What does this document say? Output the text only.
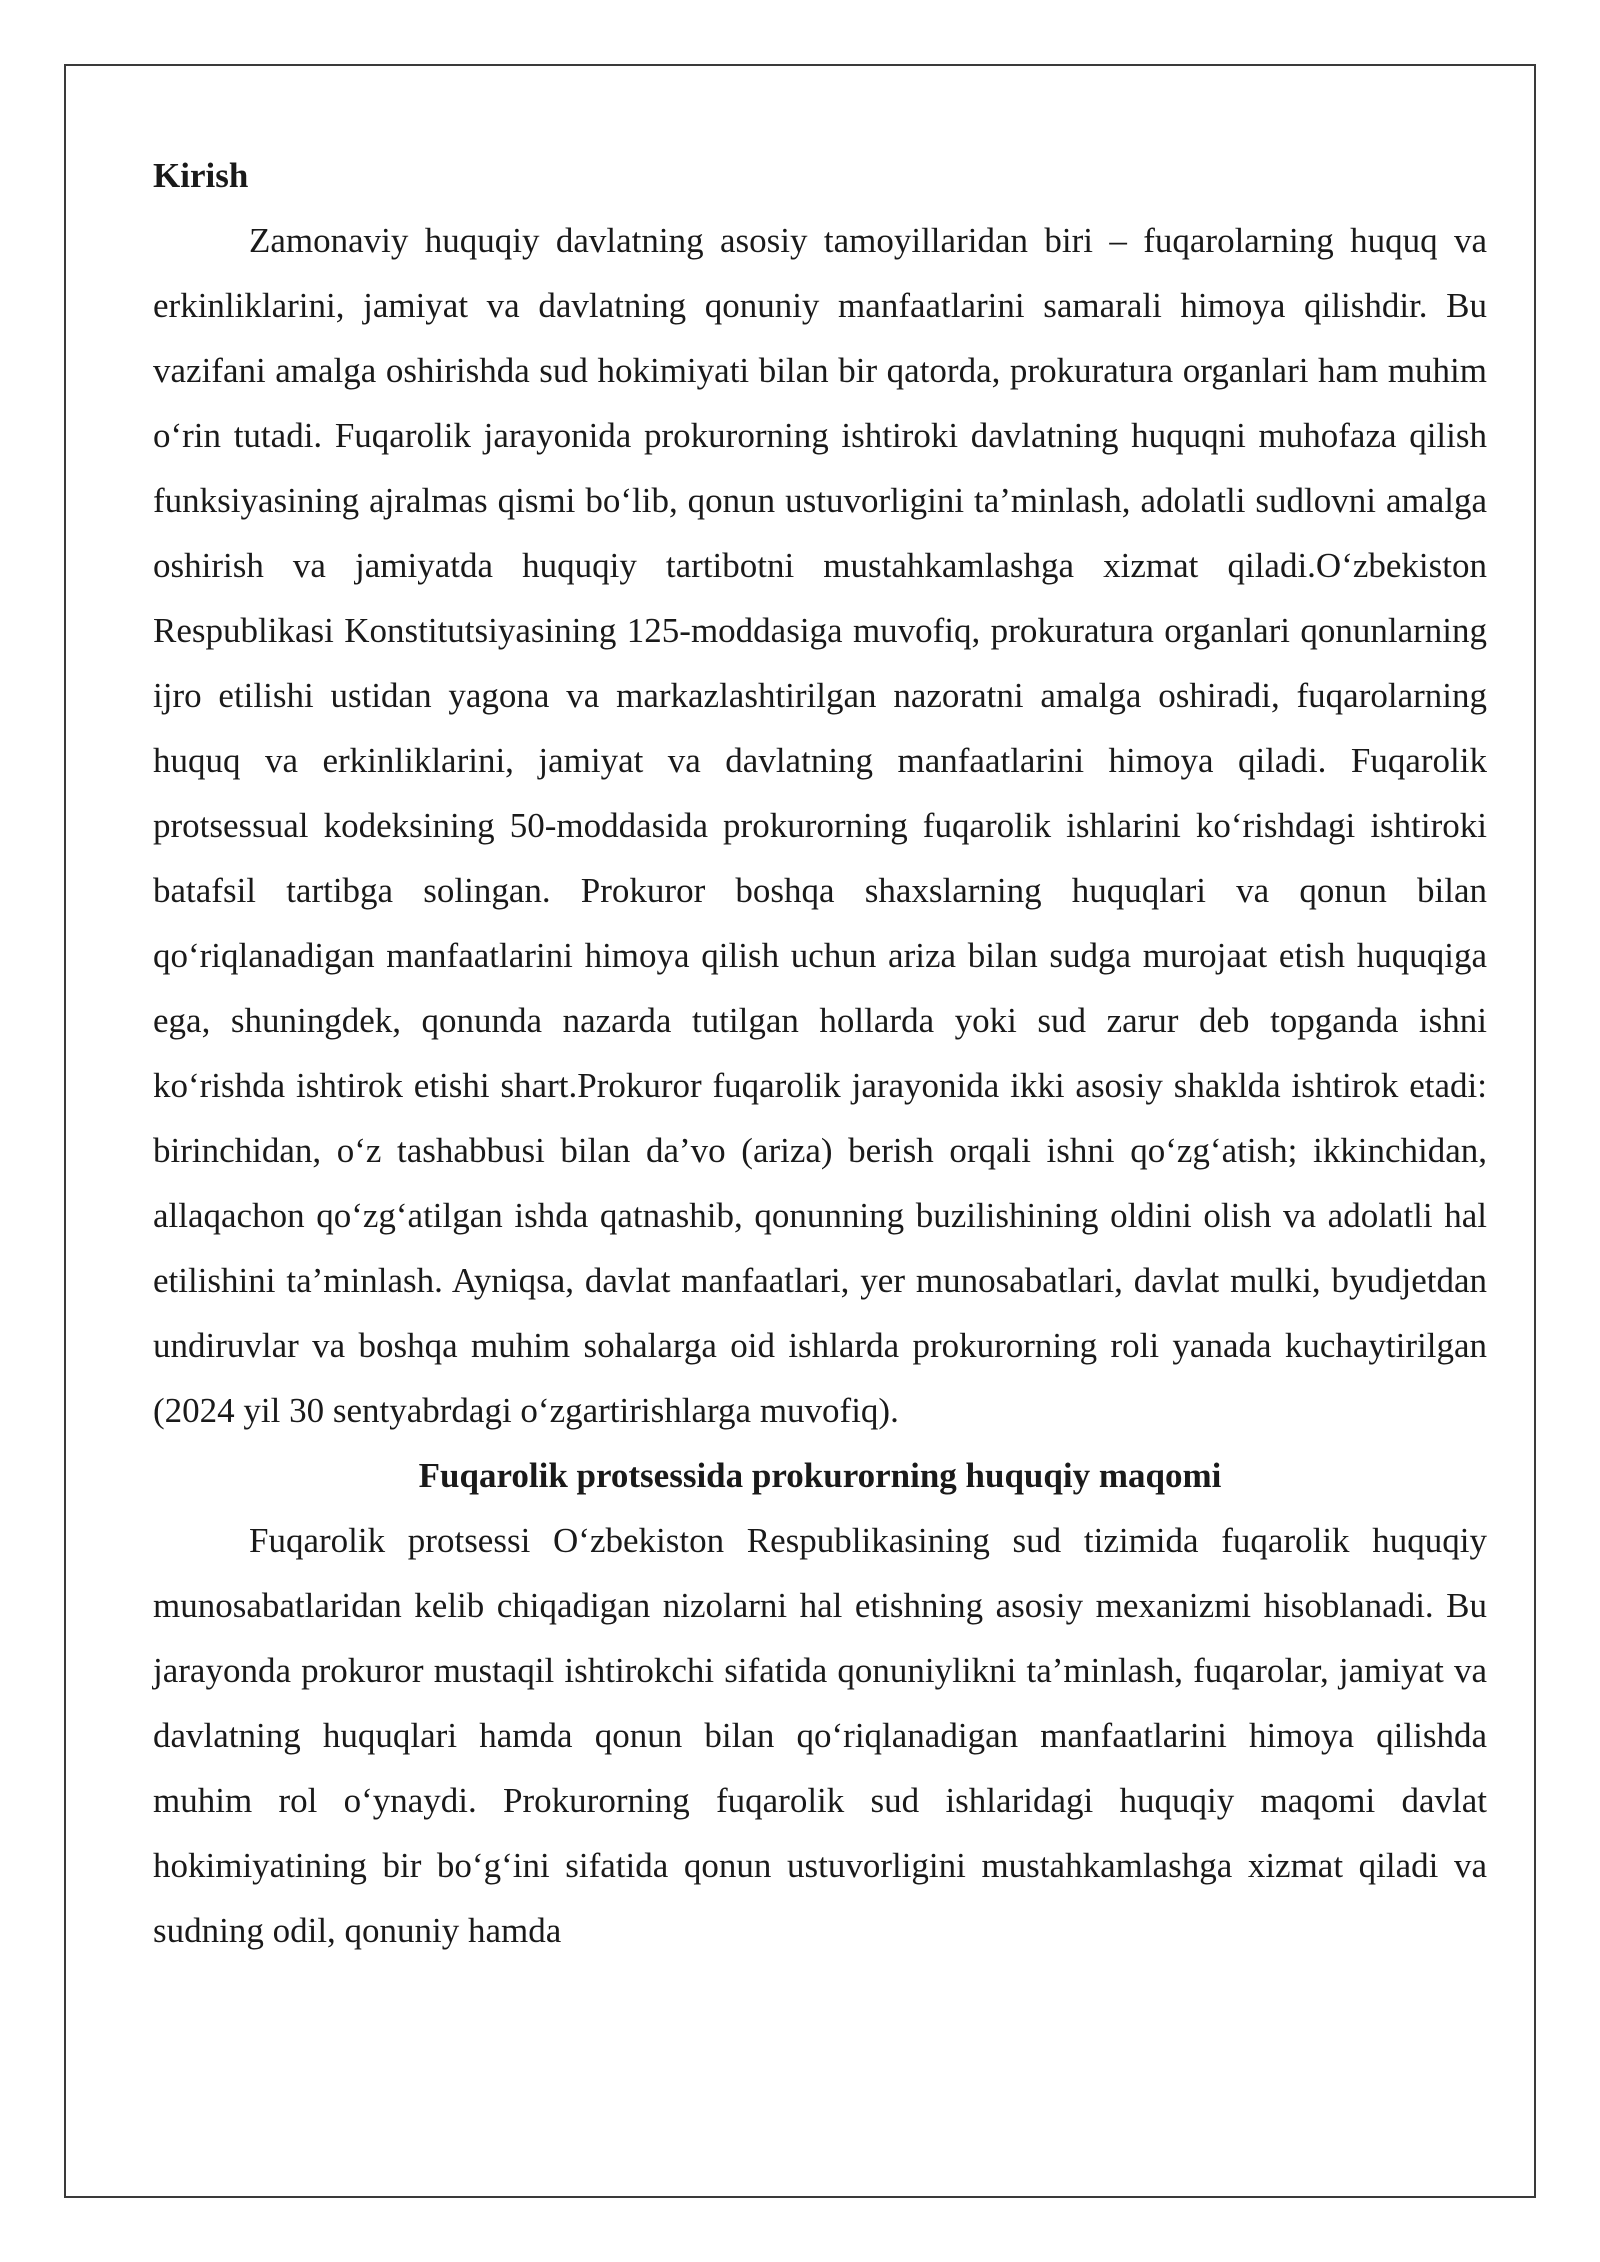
Kirish

Zamonaviy huquqiy davlatning asosiy tamoyillaridan biri – fuqarolarning huquq va erkinliklarini, jamiyat va davlatning qonuniy manfaatlarini samarali himoya qilishdir. Bu vazifani amalga oshirishda sud hokimiyati bilan bir qatorda, prokuratura organlari ham muhim o‘rin tutadi. Fuqarolik jarayonida prokurorning ishtiroki davlatning huquqni muhofaza qilish funksiyasining ajralmas qismi bo‘lib, qonun ustuvorligini ta’minlash, adolatli sudlovni amalga oshirish va jamiyatda huquqiy tartibotni mustahkamlashga xizmat qiladi.O‘zbekiston Respublikasi Konstitutsiyasining 125-moddasiga muvofiq, prokuratura organlari qonunlarning ijro etilishi ustidan yagona va markazlashtirilgan nazoratni amalga oshiradi, fuqarolarning huquq va erkinliklarini, jamiyat va davlatning manfaatlarini himoya qiladi. Fuqarolik protsessual kodeksining 50-moddasida prokurorning fuqarolik ishlarini ko‘rishdagi ishtiroki batafsil tartibga solingan. Prokuror boshqa shaxslarning huquqlari va qonun bilan qo‘riqlanadigan manfaatlarini himoya qilish uchun ariza bilan sudga murojaat etish huquqiga ega, shuningdek, qonunda nazarda tutilgan hollarda yoki sud zarur deb topganda ishni ko‘rishda ishtirok etishi shart.Prokuror fuqarolik jarayonida ikki asosiy shaklda ishtirok etadi: birinchidan, o‘z tashabbusi bilan da’vo (ariza) berish orqali ishni qo‘zg‘atish; ikkinchidan, allaqachon qo‘zg‘atilgan ishda qatnashib, qonunning buzilishining oldini olish va adolatli hal etilishini ta’minlash. Ayniqsa, davlat manfaatlari, yer munosabatlari, davlat mulki, byudjetdan undiruvlar va boshqa muhim sohalarga oid ishlarda prokurorning roli yanada kuchaytirilgan (2024 yil 30 sentyabrdagi o‘zgartirishlarga muvofiq).

Fuqarolik protsessida prokurorning huquqiy maqomi

Fuqarolik protsessi O‘zbekiston Respublikasining sud tizimida fuqarolik huquqiy munosabatlaridan kelib chiqadigan nizolarni hal etishning asosiy mexanizmi hisoblanadi. Bu jarayonda prokuror mustaqil ishtirokchi sifatida qonuniylikni ta’minlash, fuqarolar, jamiyat va davlatning huquqlari hamda qonun bilan qo‘riqlanadigan manfaatlarini himoya qilishda muhim rol o‘ynaydi. Prokurorning fuqarolik sud ishlaridagi huquqiy maqomi davlat hokimiyatining bir bo‘g‘ini sifatida qonun ustuvorligini mustahkamlashga xizmat qiladi va sudning odil, qonuniy hamda
